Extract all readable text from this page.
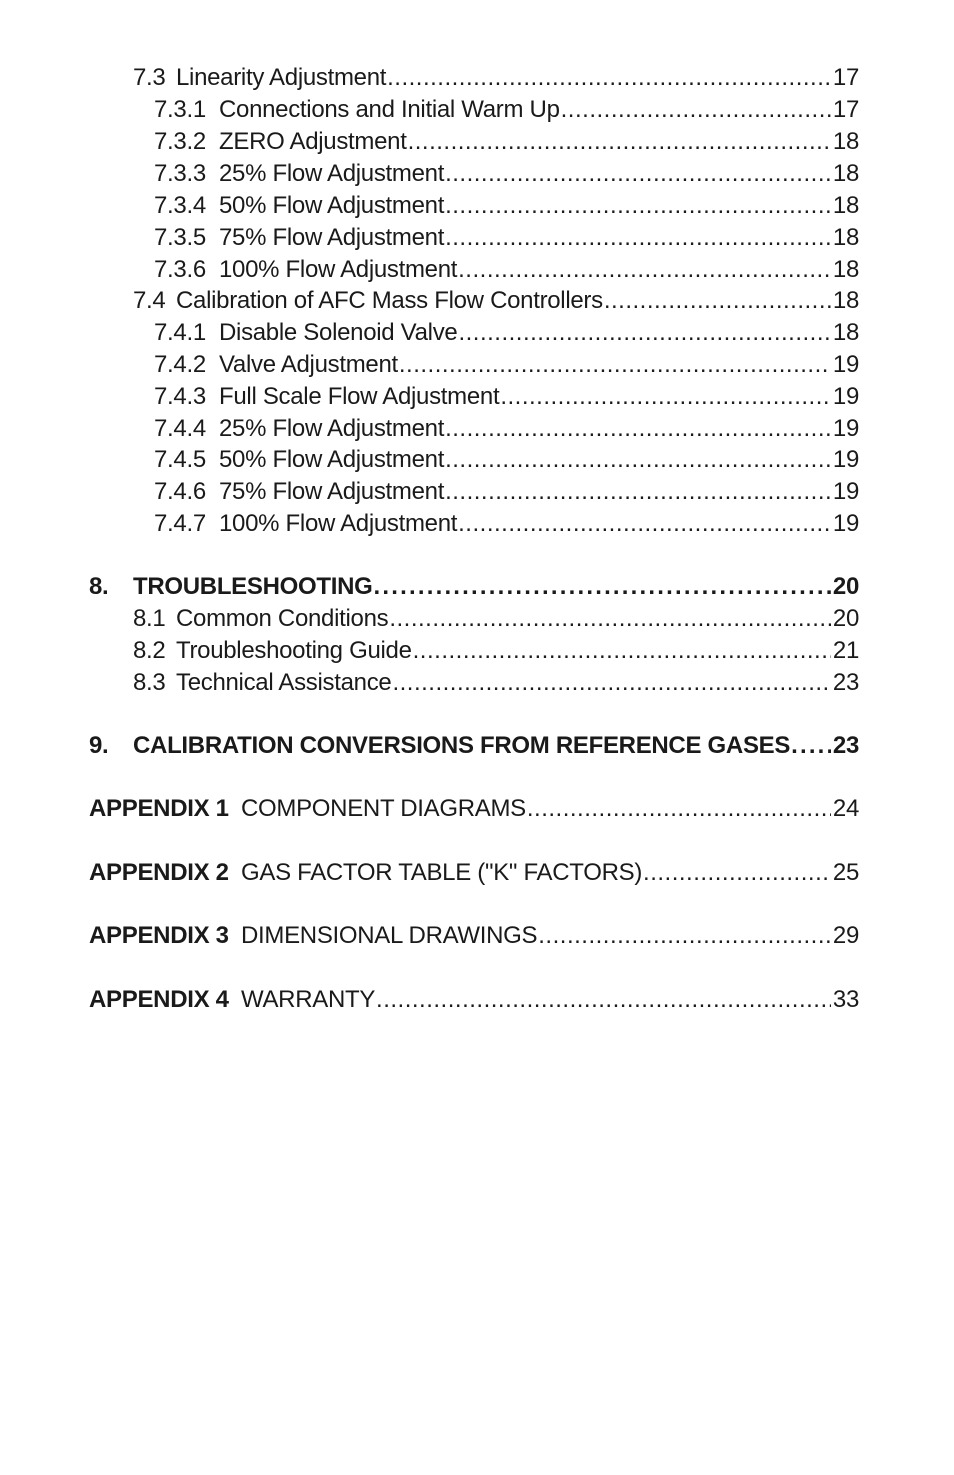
7.3 Linearity Adjustment .....	17
7.3.1 Connections and Initial Warm Up .....	17
7.3.2 ZERO Adjustment .....	18
7.3.3 25% Flow Adjustment .....	18
7.3.4 50% Flow Adjustment .....	18
7.3.5 75% Flow Adjustment .....	18
7.3.6 100% Flow Adjustment .....	18
7.4 Calibration of AFC Mass Flow Controllers .....	18
7.4.1 Disable Solenoid Valve .....	18
7.4.2 Valve Adjustment .....	19
7.4.3 Full Scale Flow Adjustment .....	19
7.4.4 25% Flow Adjustment .....	19
7.4.5 50% Flow Adjustment .....	19
7.4.6 75% Flow Adjustment .....	19
7.4.7 100% Flow Adjustment .....	19
8.	TROUBLESHOOTING .....	20
8.1 Common Conditions .....	20
8.2 Troubleshooting Guide .....	21
8.3 Technical Assistance .....	23
9.	CALIBRATION CONVERSIONS FROM REFERENCE GASES ..... 23
APPENDIX 1 COMPONENT DIAGRAMS .....	24
APPENDIX 2 GAS FACTOR TABLE ("K" FACTORS) .....	25
APPENDIX 3 DIMENSIONAL DRAWINGS .....	29
APPENDIX 4 WARRANTY .....	33
